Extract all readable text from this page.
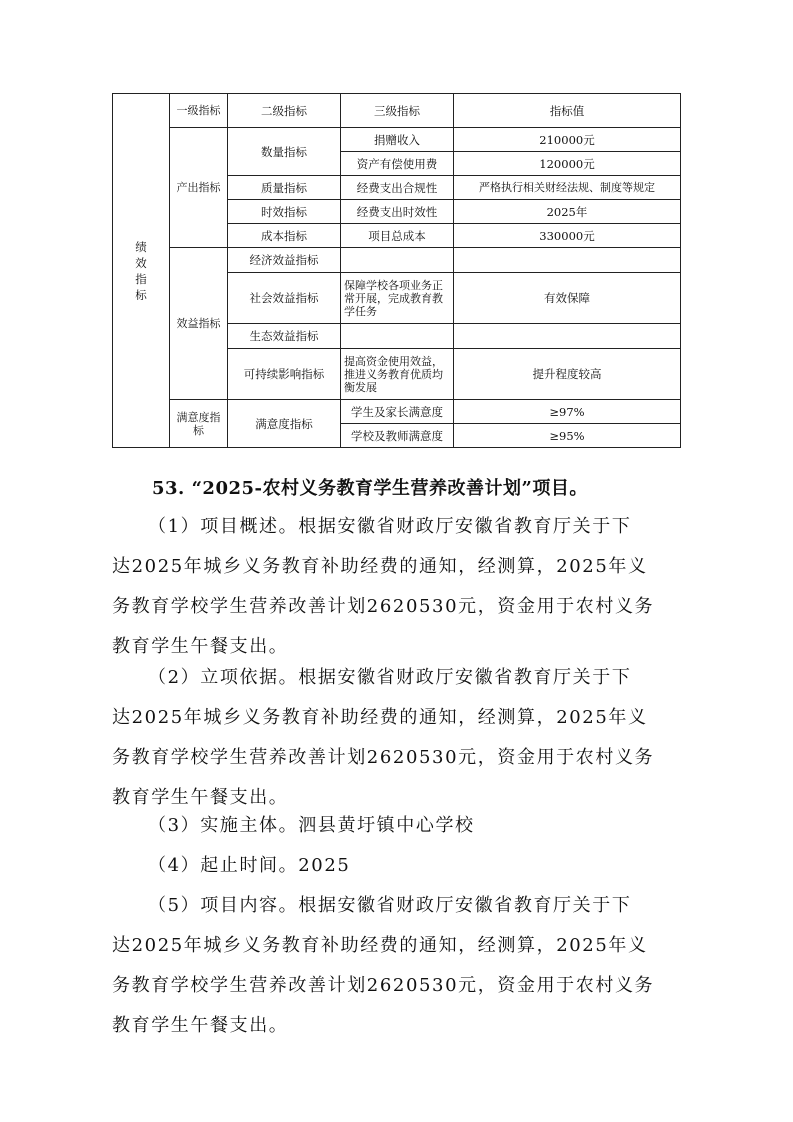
绩效指标	一级指标	二级指标	三级指标	指标值
	产出指标	数量指标	捐赠收入	210000元
			资产有偿使用费	120000元
		质量指标	经费支出合规性	严格执行相关财经法规、制度等规定
		时效指标	经费支出时效性	2025年
		成本指标	项目总成本	330000元
	效益指标	经济效益指标		
		社会效益指标	保障学校各项业务正常开展，完成教育教学任务	有效保障
		生态效益指标		
		可持续影响指标	提高资金使用效益，推进义务教育优质均衡发展	提升程度较高
	满意度指标	满意度指标	学生及家长满意度	≥97%
			学校及教师满意度	≥95%
53. “2025-农村义务教育学生营养改善计划”项目。
（1）项目概述。根据安徽省财政厅安徽省教育厅关于下
达2025年城乡义务教育补助经费的通知，经测算，2025年义
务教育学校学生营养改善计划2620530元，资金用于农村义务
教育学生午餐支出。
（2）立项依据。根据安徽省财政厅安徽省教育厅关于下
达2025年城乡义务教育补助经费的通知，经测算，2025年义
务教育学校学生营养改善计划2620530元，资金用于农村义务
教育学生午餐支出。
（3）实施主体。泗县黄圩镇中心学校
（4）起止时间。2025
（5）项目内容。根据安徽省财政厅安徽省教育厅关于下
达2025年城乡义务教育补助经费的通知，经测算，2025年义
务教育学校学生营养改善计划2620530元，资金用于农村义务
教育学生午餐支出。
